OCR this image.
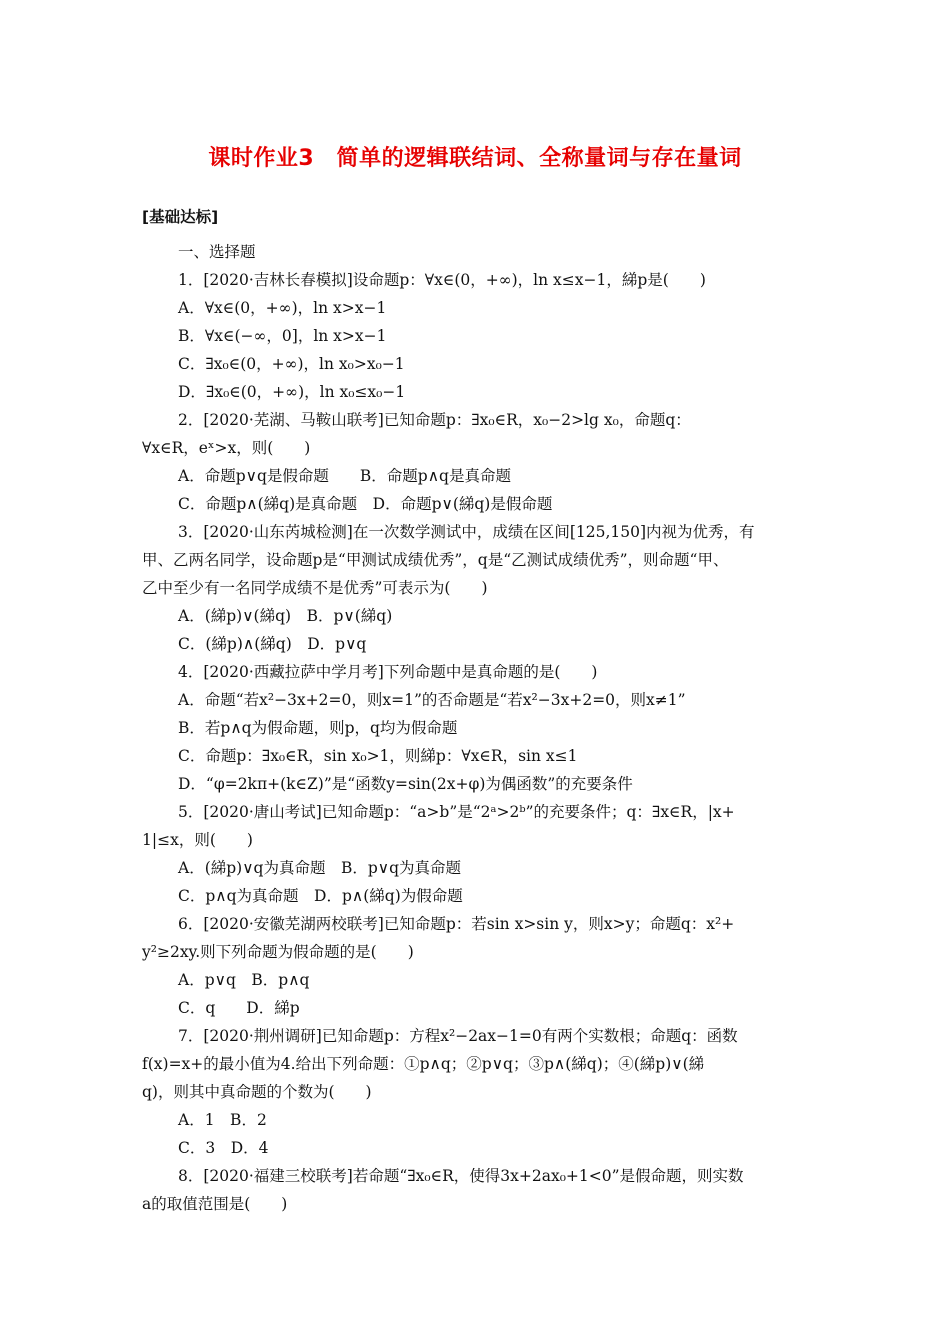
课时作业3　简单的逻辑联结词、全称量词与存在量词
[基础达标]
一、选择题
1．[2020·吉林长春模拟]设命题p：∀x∈(0，+∞)，ln x≤x−1，綈p是(　　)
A．∀x∈(0，+∞)，ln x>x−1
B．∀x∈(−∞，0]，ln x>x−1
C．∃x₀∈(0，+∞)，ln x₀>x₀−1
D．∃x₀∈(0，+∞)，ln x₀≤x₀−1
2．[2020·芜湖、马鞍山联考]已知命题p：∃x₀∈R，x₀−2>lg x₀，命题q：
∀x∈R，eˣ>x，则(　　)
A．命题p∨q是假命题　　B．命题p∧q是真命题
C．命题p∧(綈q)是真命题　D．命题p∨(綈q)是假命题
3．[2020·山东芮城检测]在一次数学测试中，成绩在区间[125,150]内视为优秀，有
甲、乙两名同学，设命题p是“甲测试成绩优秀”，q是“乙测试成绩优秀”，则命题“甲、
乙中至少有一名同学成绩不是优秀”可表示为(　　)
A．(綈p)∨(綈q)　B．p∨(綈q)
C．(綈p)∧(綈q)　D．p∨q
4．[2020·西藏拉萨中学月考]下列命题中是真命题的是(　　)
A．命题“若x²−3x+2=0，则x=1”的否命题是“若x²−3x+2=0，则x≠1”
B．若p∧q为假命题，则p，q均为假命题
C．命题p：∃x₀∈R，sin x₀>1，则綈p：∀x∈R，sin x≤1
D．“φ=2kπ+(k∈Z)”是“函数y=sin(2x+φ)为偶函数”的充要条件
5．[2020·唐山考试]已知命题p：“a>b”是“2ᵃ>2ᵇ”的充要条件；q：∃x∈R，|x+
1|≤x，则(　　)
A．(綈p)∨q为真命题　B．p∨q为真命题
C．p∧q为真命题　D．p∧(綈q)为假命题
6．[2020·安徽芜湖两校联考]已知命题p：若sin x>sin y，则x>y；命题q：x²+
y²≥2xy.则下列命题为假命题的是(　　)
A．p∨q　B．p∧q
C．q　　D．綈p
7．[2020·荆州调研]已知命题p：方程x²−2ax−1=0有两个实数根；命题q：函数
f(x)=x+的最小值为4.给出下列命题：①p∧q；②p∨q；③p∧(綈q)；④(綈p)∨(綈
q)，则其中真命题的个数为(　　)
A．1　B．2
C．3　D．4
8．[2020·福建三校联考]若命题“∃x₀∈R，使得3x+2ax₀+1<0”是假命题，则实数
a的取值范围是(　　)
